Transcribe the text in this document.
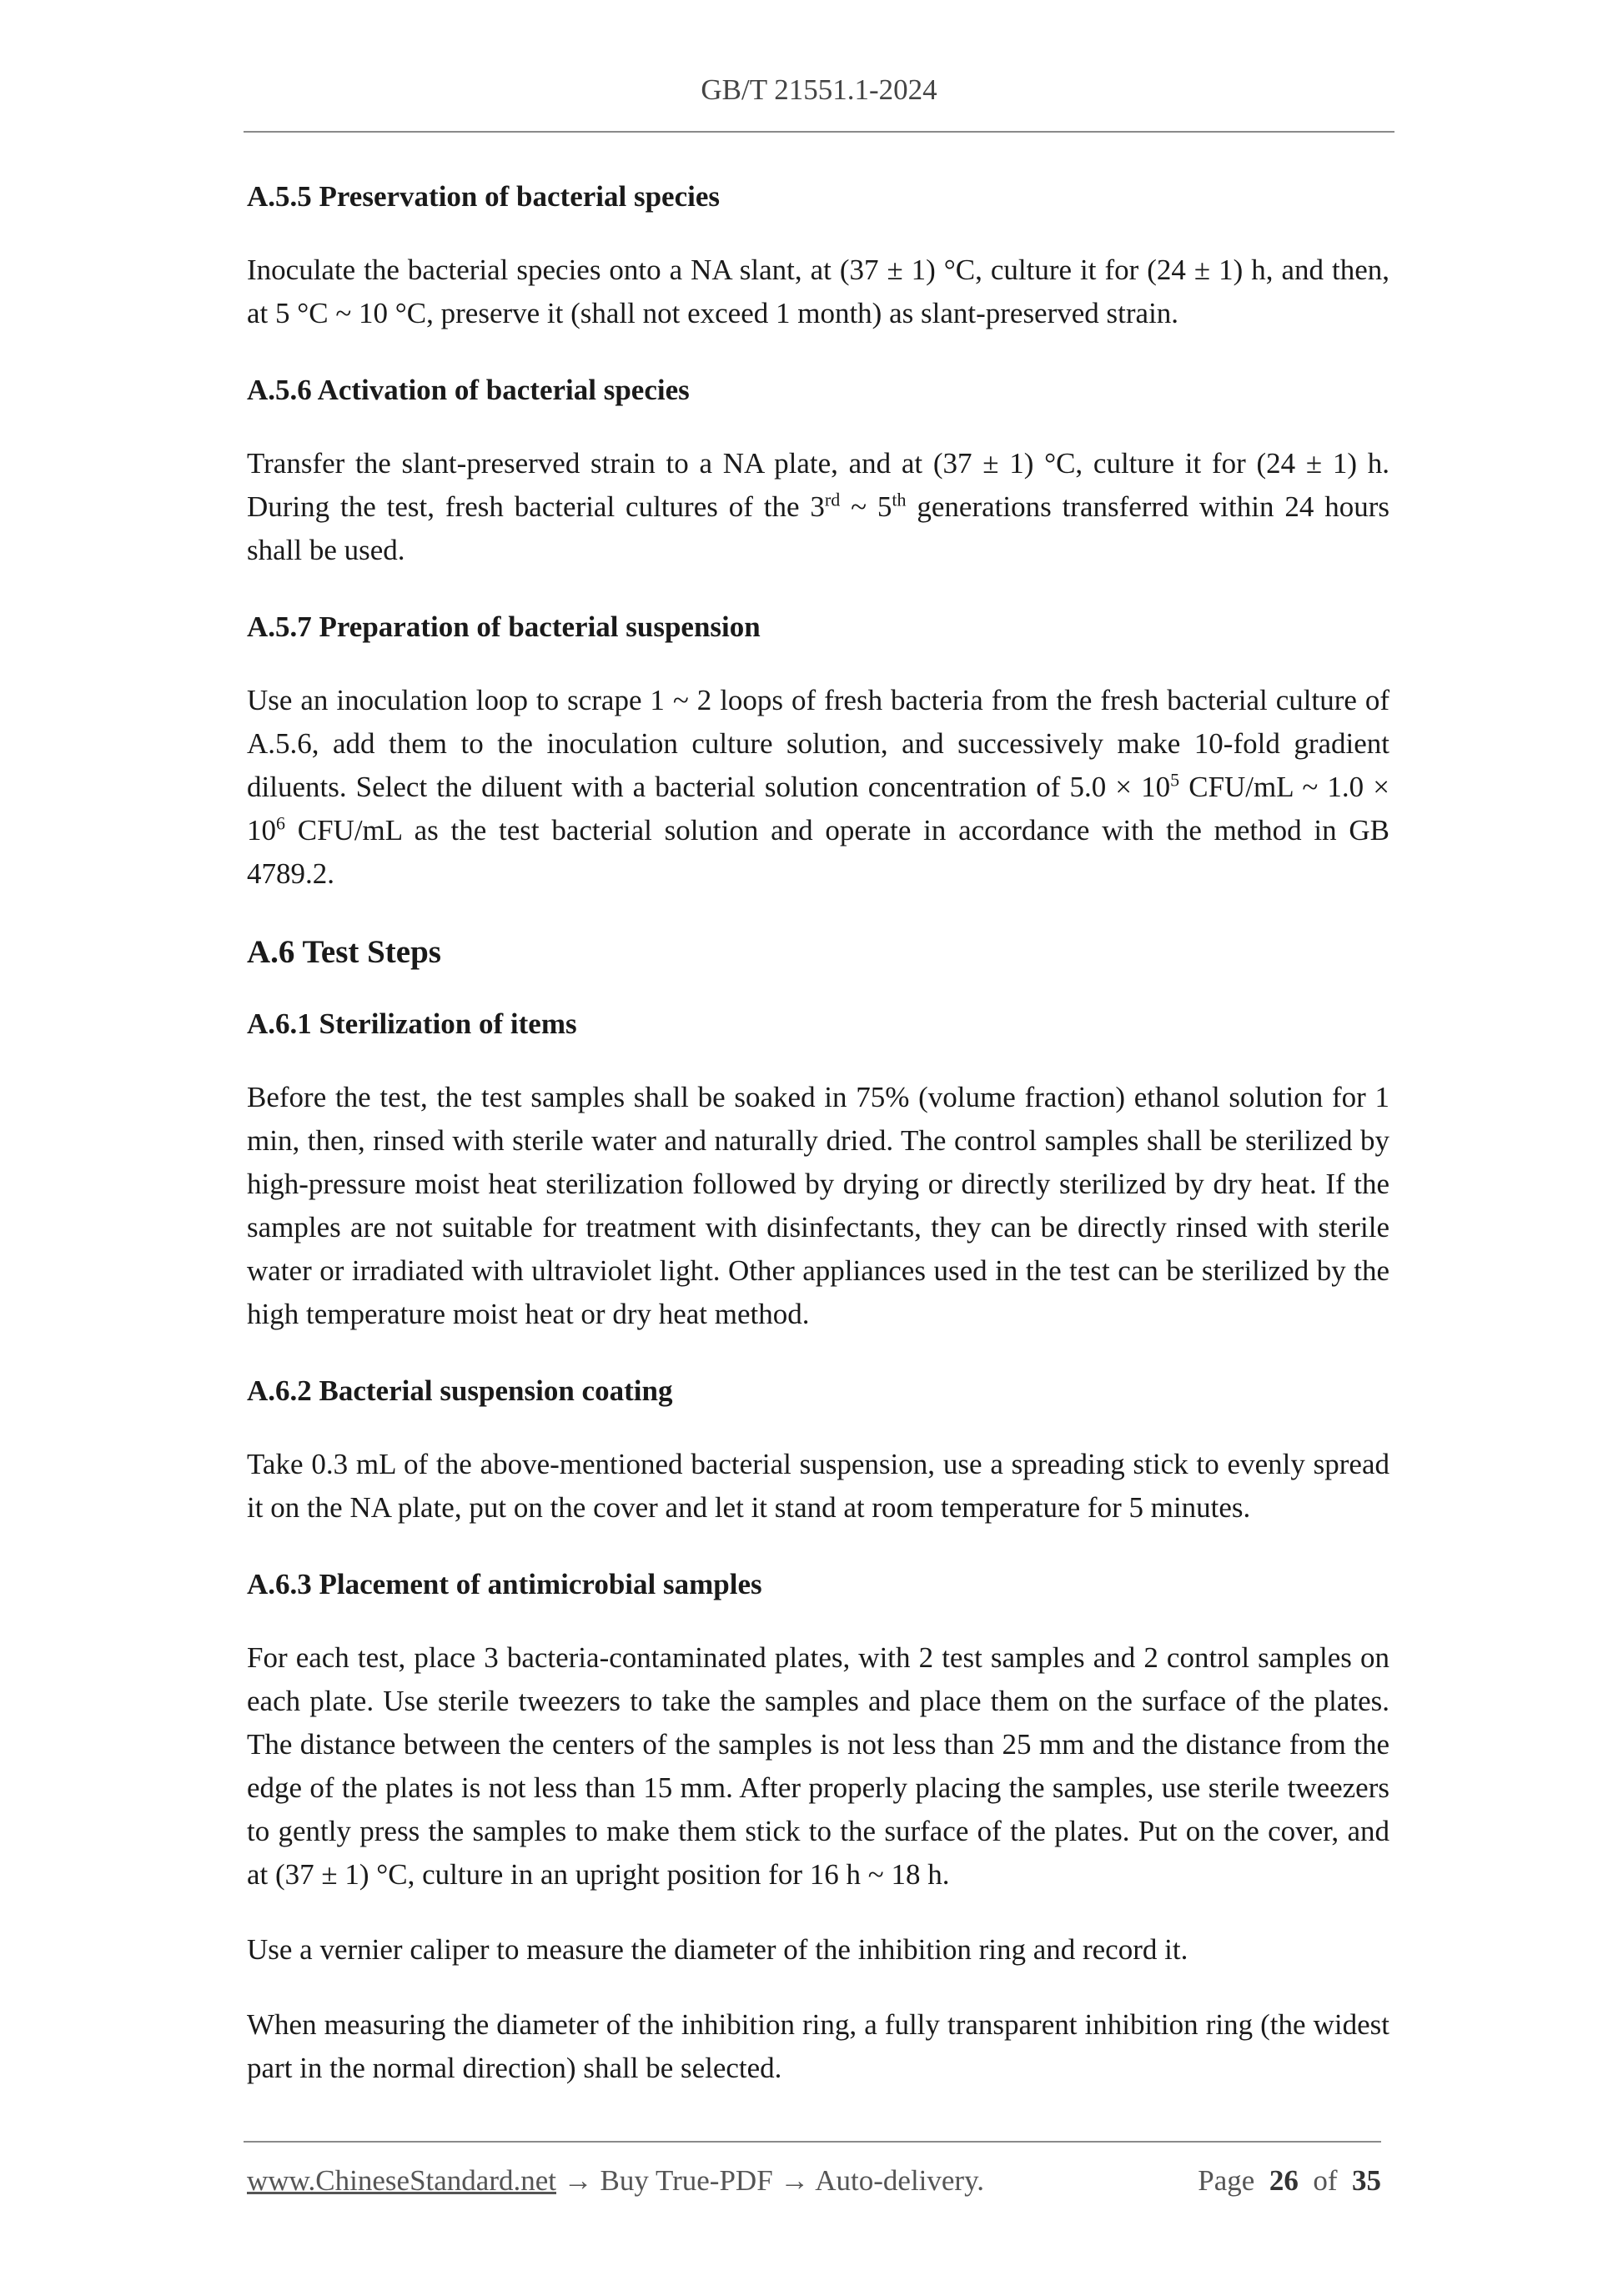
GB/T 21551.1-2024
A.5.5 Preservation of bacterial species

Inoculate the bacterial species onto a NA slant, at (37 ± 1) °C, culture it for (24 ± 1) h, and then, at 5 °C ~ 10 °C, preserve it (shall not exceed 1 month) as slant-preserved strain.

A.5.6 Activation of bacterial species

Transfer the slant-preserved strain to a NA plate, and at (37 ± 1) °C, culture it for (24 ± 1) h. During the test, fresh bacterial cultures of the 3rd ~ 5th generations transferred within 24 hours shall be used.

A.5.7 Preparation of bacterial suspension

Use an inoculation loop to scrape 1 ~ 2 loops of fresh bacteria from the fresh bacterial culture of A.5.6, add them to the inoculation culture solution, and successively make 10-fold gradient diluents. Select the diluent with a bacterial solution concentration of $5.0 \times 10^5$ CFU/mL ~ $1.0 \times 10^6$ CFU/mL as the test bacterial solution and operate in accordance with the method in GB 4789.2.

A.6 Test Steps
A.6.1 Sterilization of items

Before the test, the test samples shall be soaked in 75% (volume fraction) ethanol solution for 1 min, then, rinsed with sterile water and naturally dried. The control samples shall be sterilized by high-pressure moist heat sterilization followed by drying or directly sterilized by dry heat. If the samples are not suitable for treatment with disinfectants, they can be directly rinsed with sterile water or irradiated with ultraviolet light. Other appliances used in the test can be sterilized by the high temperature moist heat or dry heat method.

A.6.2 Bacterial suspension coating

Take 0.3 mL of the above-mentioned bacterial suspension, use a spreading stick to evenly spread it on the NA plate, put on the cover and let it stand at room temperature for 5 minutes.

A.6.3 Placement of antimicrobial samples

For each test, place 3 bacteria-contaminated plates, with 2 test samples and 2 control samples on each plate. Use sterile tweezers to take the samples and place them on the surface of the plates. The distance between the centers of the samples is not less than 25 mm and the distance from the edge of the plates is not less than 15 mm. After properly placing the samples, use sterile tweezers to gently press the samples to make them stick to the surface of the plates. Put on the cover, and at (37 ± 1) °C, culture in an upright position for 16 h ~ 18 h.

Use a vernier caliper to measure the diameter of the inhibition ring and record it.

When measuring the diameter of the inhibition ring, a fully transparent inhibition ring (the widest part in the normal direction) shall be selected.

www.ChineseStandard.net → Buy True-PDF → Auto-delivery.	Page 26 of 35
